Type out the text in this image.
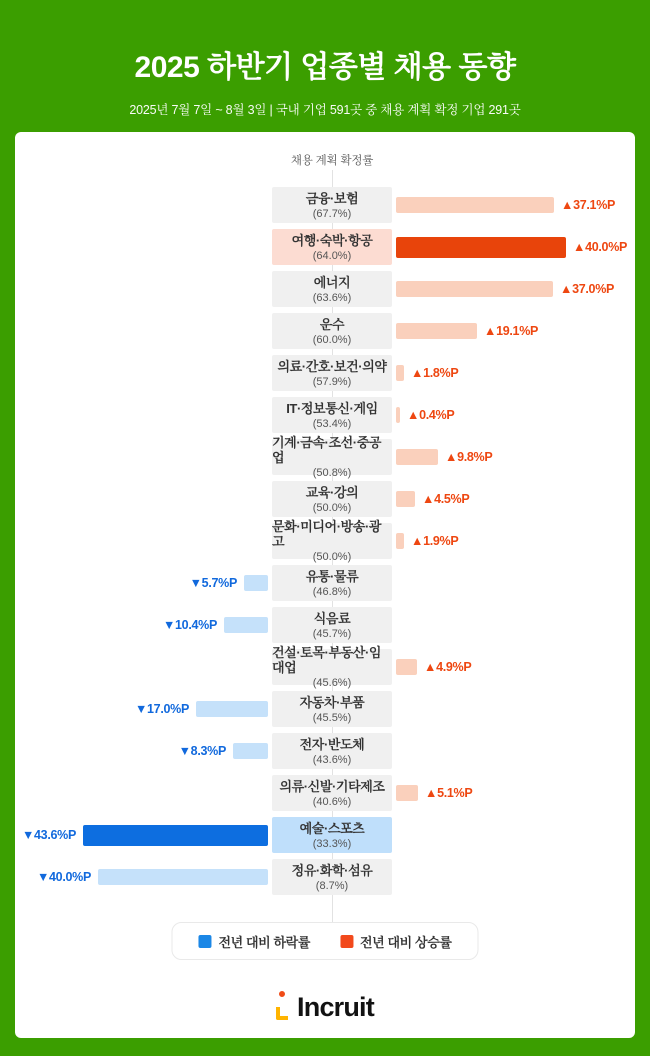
2025 하반기 업종별 채용 동향
2025년 7월 7일 ~ 8월 3일 | 국내 기업 591곳 중 채용 계획 확정 기업 291곳
채용 계획 확정률
▲37.1%P
금융·보험
(67.7%)
▲40.0%P
여행·숙박·항공
(64.0%)
▲37.0%P
에너지
(63.6%)
▲19.1%P
운수
(60.0%)
▲1.8%P
의료·간호·보건·의약
(57.9%)
▲0.4%P
IT·정보통신·게임
(53.4%)
▲9.8%P
기계·금속·조선·중공업
(50.8%)
▲4.5%P
교육·강의
(50.0%)
▲1.9%P
문화·미디어·방송·광고
(50.0%)
▼5.7%P	유통·물류
(46.8%)
▼10.4%P	식음료
(45.7%)
▲4.9%P
건설·토목·부동산·임대업
(45.6%)
▼17.0%P	자동차·부품
(45.5%)
▼8.3%P	전자·반도체
(43.6%)
▲5.1%P
의류·신발·기타제조
(40.6%)
▼43.6%P	예술·스포츠
(33.3%)
▼40.0%P	정유·화학·섬유
(8.7%)
전년 대비 하락률	전년 대비 상승률
Incruit
